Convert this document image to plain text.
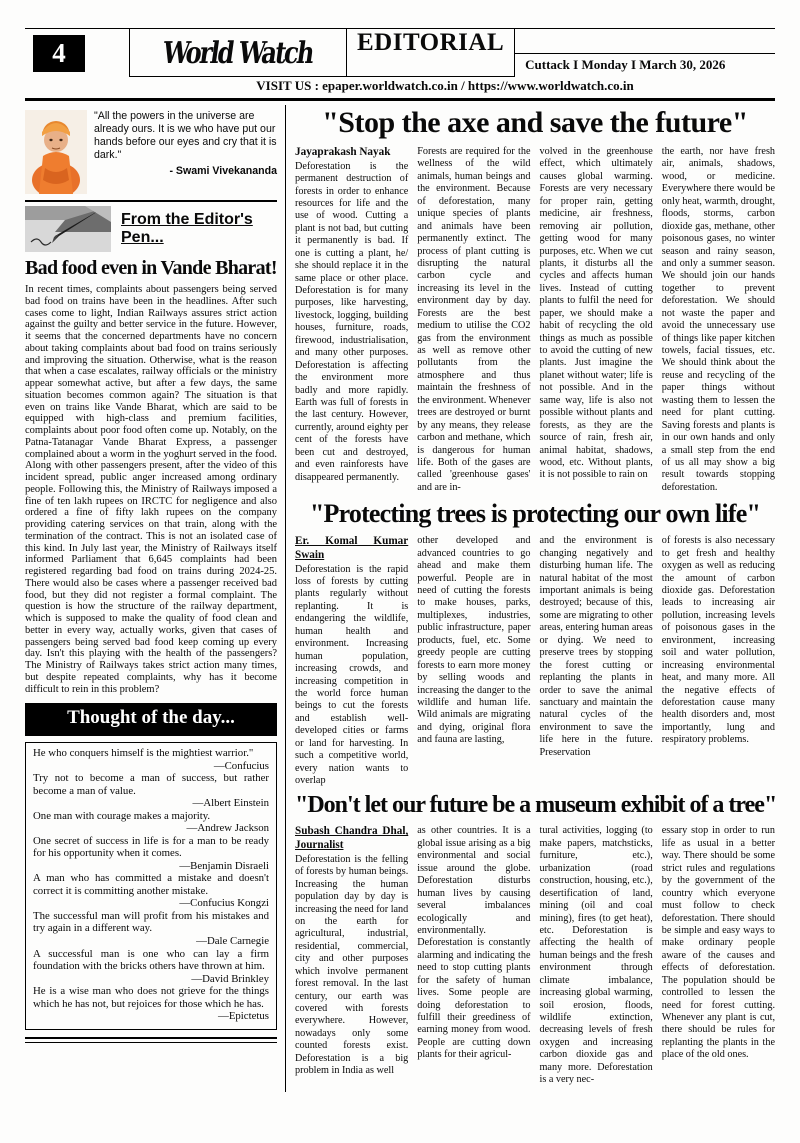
4	World Watch EDITORIAL
Cuttack I Monday I March 30, 2026
VISIT US : epaper.worldwatch.co.in / https://www.worldwatch.co.in
"All the powers in the universe are already ours. It is we who have put our hands before our eyes and cry that it is dark."
- Swami Vivekananda
From the Editor's Pen...
Bad food even in Vande Bharat!
In recent times, complaints about passengers being served bad food on trains have been in the headlines. After such cases come to light, Indian Railways assures strict action against the guilty and better service in the future. However, it seems that the concerned departments have no concern about taking complaints about bad food on trains seriously and improving the situation. Otherwise, what is the reason that when a case escalates, railway officials or the ministry appear somewhat active, but after a few days, the same situation becomes common again? The situation is that even on trains like Vande Bharat, which are said to be equipped with high-class and premium facilities, complaints about poor food often come up. Notably, on the Patna-Tatanagar Vande Bharat Express, a passenger complained about a worm in the yoghurt served in the food. Along with other passengers present, after the video of this incident spread, public anger increased among ordinary people. Following this, the Ministry of Railways imposed a fine of ten lakh rupees on IRCTC for negligence and also ordered a fine of fifty lakh rupees on the company providing catering services on that train, along with the termination of the contract. This is not an isolated case of this kind. In July last year, the Ministry of Railways itself informed Parliament that 6,645 complaints had been registered regarding bad food on trains during 2024-25. There would also be cases where a passenger received bad food, but they did not register a formal complaint. The question is how the structure of the railway department, which is supposed to make the quality of food clean and better in every way, actually works, given that cases of passengers being served bad food keep coming up every day. Isn't this playing with the health of the passengers? The Ministry of Railways takes strict action many times, but despite repeated complaints, why has it become difficult to rein in this problem?
Thought of the day...
He who conquers himself is the mightiest warrior."
—Confucius
Try not to become a man of success, but rather become a man of value.
—Albert Einstein
One man with courage makes a majority.
—Andrew Jackson
One secret of success in life is for a man to be ready for his opportunity when it comes.
—Benjamin Disraeli
A man who has committed a mistake and doesn't correct it is committing another mistake.
—Confucius Kongzi
The successful man will profit from his mistakes and try again in a different way.
—Dale Carnegie
A successful man is one who can lay a firm foundation with the bricks others have thrown at him.
—David Brinkley
He is a wise man who does not grieve for the things which he has not, but rejoices for those which he has.
—Epictetus
"Stop the axe and save the future"
Jayaprakash Nayak
Deforestation is the permanent destruction of forests in order to enhance resources for life and the use of wood. Cutting a plant is not bad, but cutting it permanently is bad. If one is cutting a plant, he/ she should replace it in the same place or other place. Deforestation is for many purposes, like harvesting, livestock, logging, building houses, furniture, roads, firewood, industrialisation, and many other purposes. Deforestation is affecting the environment more badly and more rapidly. Earth was full of forests in the last century. However, currently, around eighty per cent of the forests have been cut and destroyed, and even rainforests have disappeared permanently.
Forests are required for the wellness of the wild animals, human beings and the environment. Because of deforestation, many unique species of plants and animals have been permanently extinct. The process of plant cutting is disrupting the natural carbon cycle and increasing its level in the environment day by day. Forests are the best medium to utilise the CO2 gas from the environment as well as remove other pollutants from the atmosphere and thus maintain the freshness of the environment. Whenever trees are destroyed or burnt by any means, they release carbon and methane, which is dangerous for human life. Both of the gases are called 'greenhouse gases' and are in-
volved in the greenhouse effect, which ultimately causes global warming. Forests are very necessary for proper rain, getting medicine, air freshness, removing air pollution, getting wood for many purposes, etc. When we cut plants, it disturbs all the cycles and affects human lives. Instead of cutting plants to fulfil the need for paper, we should make a habit of recycling the old things as much as possible to avoid the cutting of new plants. Just imagine the planet without water; life is not possible. And in the same way, life is also not possible without plants and forests, as they are the source of rain, fresh air, animal habitat, shadows, wood, etc. Without plants, it is not possible to rain on
the earth, nor have fresh air, animals, shadows, wood, or medicine. Everywhere there would be only heat, warmth, drought, floods, storms, carbon dioxide gas, methane, other poisonous gases, no winter season and rainy season, and only a summer season. We should join our hands together to prevent deforestation. We should not waste the paper and avoid the unnecessary use of things like paper kitchen towels, facial tissues, etc. We should think about the reuse and recycling of the paper things without wasting them to lessen the need for plant cutting. Saving forests and plants is in our own hands and only a small step from the end of us all may show a big result towards stopping deforestation.
"Protecting trees is protecting our own life"
Er. Komal Kumar Swain
Deforestation is the rapid loss of forests by cutting plants regularly without replanting. It is endangering the wildlife, human health and environment. Increasing human population, increasing crowds, and increasing competition in the world force human beings to cut the forests and establish well-developed cities or farms or land for harvesting. In such a competitive world, every nation wants to overlap
other developed and advanced countries to go ahead and make them powerful. People are in need of cutting the forests to make houses, parks, multiplexes, industries, public infrastructure, paper products, fuel, etc. Some greedy people are cutting forests to earn more money by selling woods and increasing the danger to the wildlife and human life. Wild animals are migrating and dying, original flora and fauna are lasting,
and the environment is changing negatively and disturbing human life. The natural habitat of the most important animals is being destroyed; because of this, some are migrating to other areas, entering human areas or dying. We need to preserve trees by stopping the forest cutting or replanting the plants in order to save the animal sanctuary and maintain the natural cycles of the environment to save the life here in the future. Preservation
of forests is also necessary to get fresh and healthy oxygen as well as reducing the amount of carbon dioxide gas. Deforestation leads to increasing air pollution, increasing levels of poisonous gases in the environment, increasing soil and water pollution, increasing environmental heat, and many more. All the negative effects of deforestation cause many health disorders and, most importantly, lung and respiratory problems.
"Don't let our future be a museum exhibit of a tree"
Subash Chandra Dhal, Journalist
Deforestation is the felling of forests by human beings. Increasing the human population day by day is increasing the need for land on the earth for agricultural, industrial, residential, commercial, city and other purposes which involve permanent forest removal. In the last century, our earth was covered with forests everywhere. However, nowadays only some counted forests exist. Deforestation is a big problem in India as well
as other countries. It is a global issue arising as a big environmental and social issue around the globe. Deforestation disturbs human lives by causing several imbalances ecologically and environmentally. Deforestation is constantly alarming and indicating the need to stop cutting plants for the safety of human lives. Some people are doing deforestation to fulfill their greediness of earning money from wood. People are cutting down plants for their agricul-
tural activities, logging (to make papers, matchsticks, furniture, etc.), urbanization (road construction, housing, etc.), desertification of land, mining (oil and coal mining), fires (to get heat), etc. Deforestation is affecting the health of human beings and the fresh environment through climate imbalance, increasing global warming, soil erosion, floods, wildlife extinction, decreasing levels of fresh oxygen and increasing carbon dioxide gas and many more. Deforestation is a very nec-
essary stop in order to run life as usual in a better way. There should be some strict rules and regulations by the government of the country which everyone must follow to check deforestation. There should be simple and easy ways to make ordinary people aware of the causes and effects of deforestation. The population should be controlled to lessen the need for forest cutting. Whenever any plant is cut, there should be rules for replanting the plants in the place of the old ones.
